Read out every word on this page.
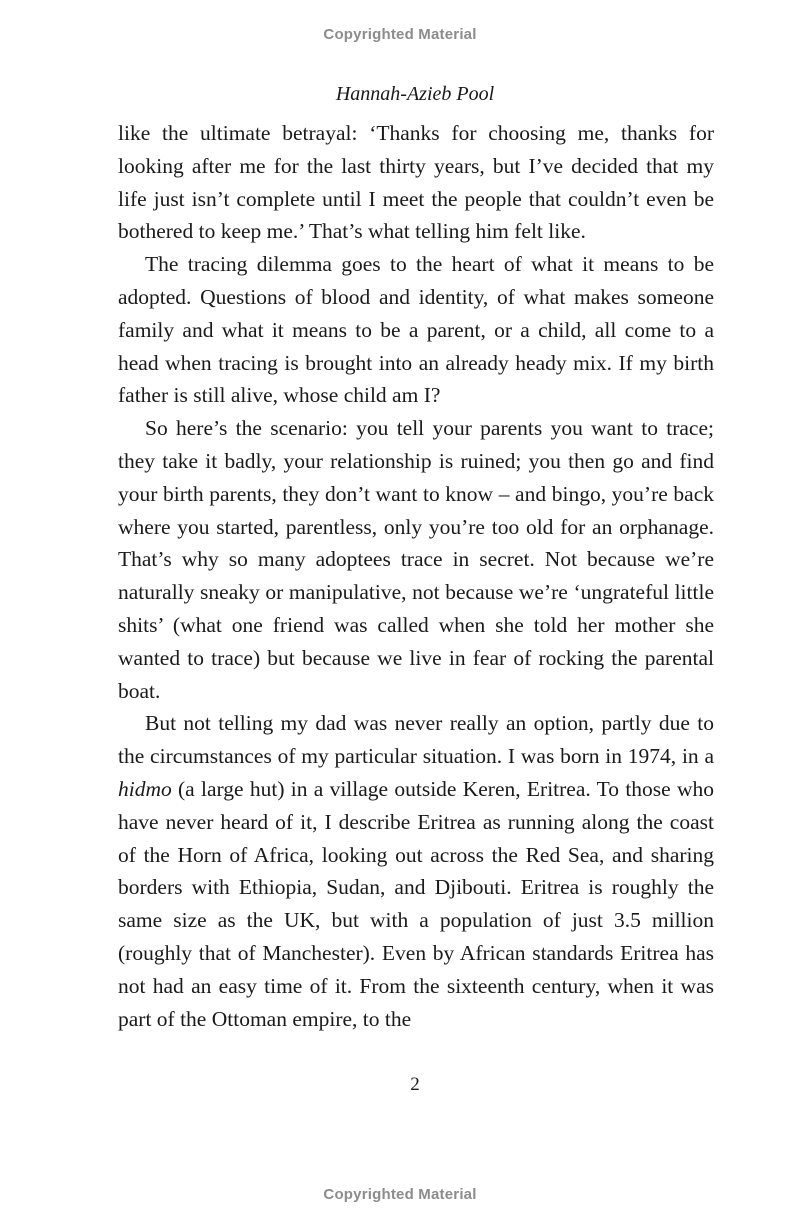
Copyrighted Material
Hannah-Azieb Pool

like the ultimate betrayal: ‘Thanks for choosing me, thanks for looking after me for the last thirty years, but I’ve decided that my life just isn’t complete until I meet the people that couldn’t even be bothered to keep me.’ That’s what telling him felt like.

The tracing dilemma goes to the heart of what it means to be adopted. Questions of blood and identity, of what makes someone family and what it means to be a parent, or a child, all come to a head when tracing is brought into an already heady mix. If my birth father is still alive, whose child am I?

So here’s the scenario: you tell your parents you want to trace; they take it badly, your relationship is ruined; you then go and find your birth parents, they don’t want to know – and bingo, you’re back where you started, parentless, only you’re too old for an orphanage. That’s why so many adoptees trace in secret. Not because we’re naturally sneaky or manipulative, not because we’re ‘ungrateful little shits’ (what one friend was called when she told her mother she wanted to trace) but because we live in fear of rocking the parental boat.

But not telling my dad was never really an option, partly due to the circumstances of my particular situation. I was born in 1974, in a hidmo (a large hut) in a village outside Keren, Eritrea. To those who have never heard of it, I describe Eritrea as running along the coast of the Horn of Africa, looking out across the Red Sea, and sharing borders with Ethiopia, Sudan, and Djibouti. Eritrea is roughly the same size as the UK, but with a population of just 3.5 million (roughly that of Manchester). Even by African standards Eritrea has not had an easy time of it. From the sixteenth century, when it was part of the Ottoman empire, to the

2
Copyrighted Material
